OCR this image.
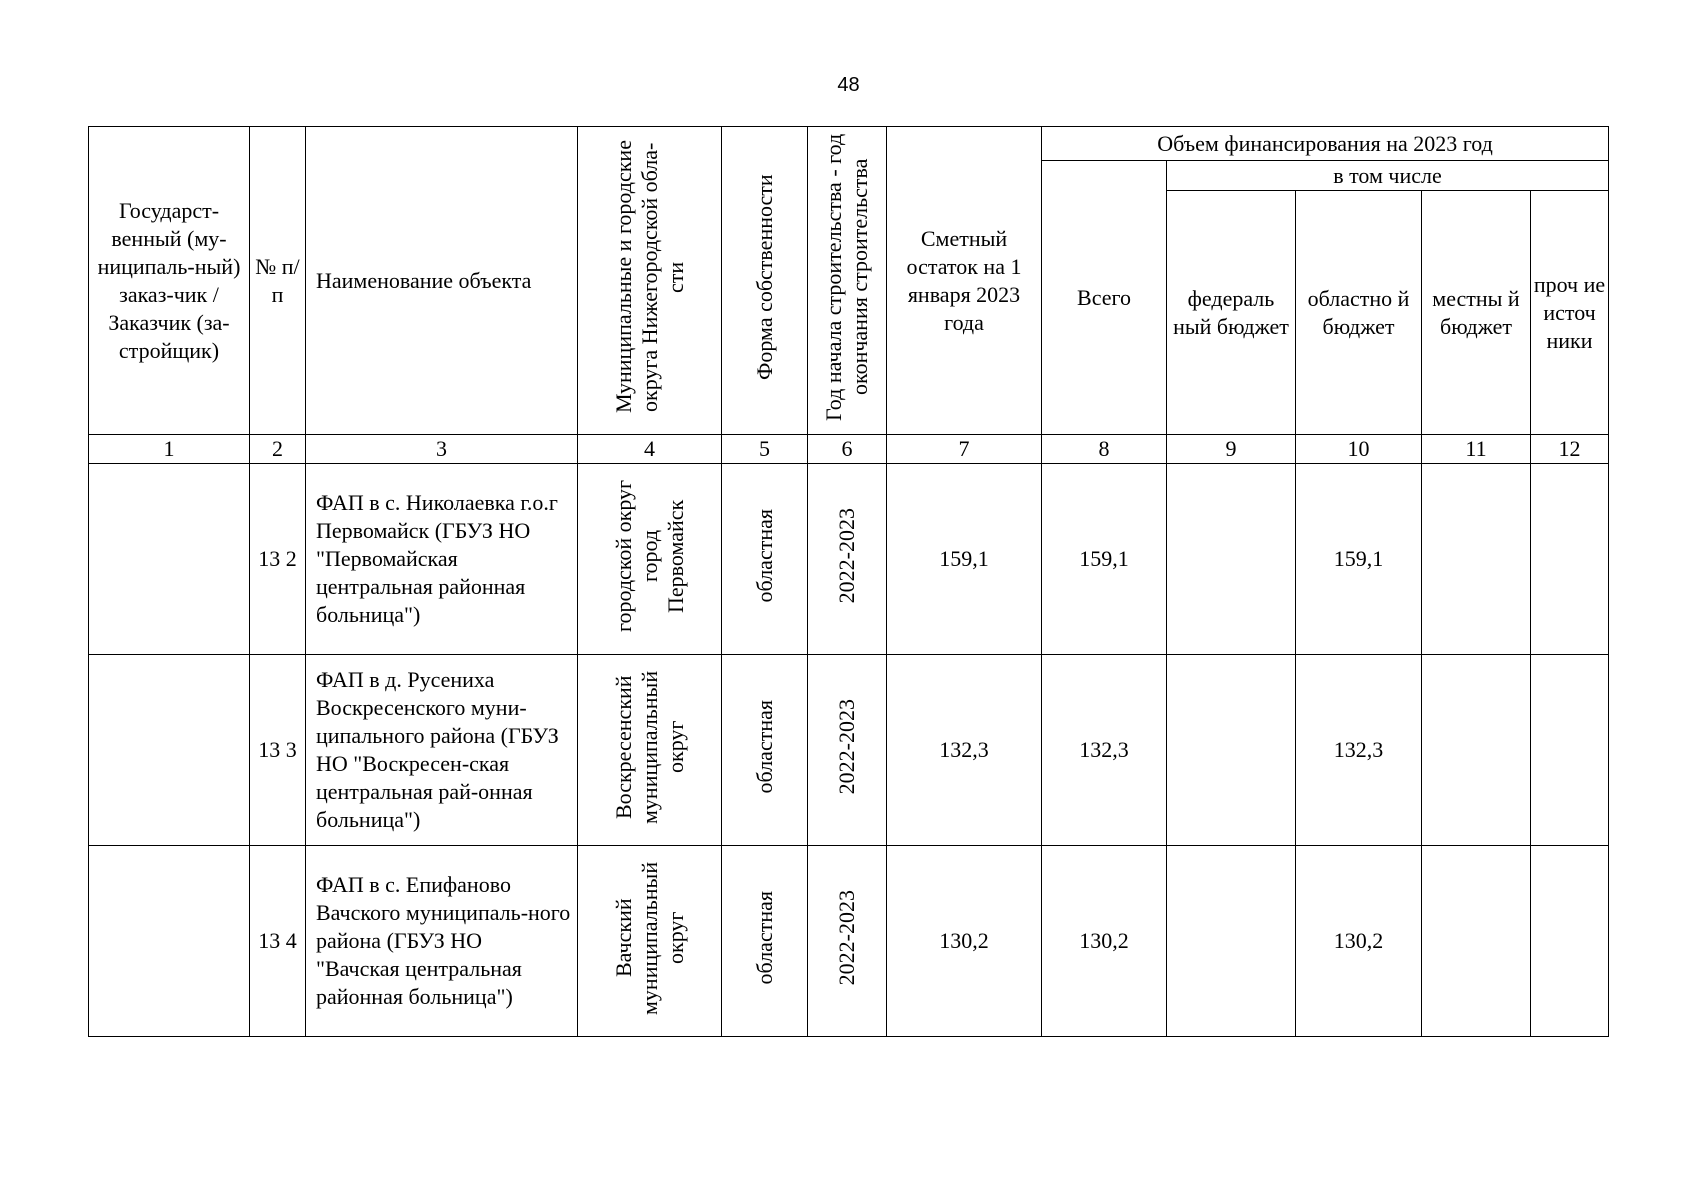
48
Государст-венный (му-ниципаль-ный) заказ-чик / Заказчик (за-стройщик)	№ п/п	Наименование объекта	Муниципальные и городские округа Нижегородской обла-сти	Форма собственности	Год начала строительства - год окончания строительства	Сметный остаток на 1 января 2023 года	Объем финансирования на 2023 год				
							Всего	в том числе			
								федераль ный бюджет	областно й бюджет	местны й бюджет	проч ие источ ники
1	2	3	4	5	6	7	8	9	10	11	12
	13 2	ФАП в с. Николаевка г.о.г Первомайск (ГБУЗ НО "Первомайская центральная районная больница")	городской округ город Первомайск	областная	2022-2023	159,1	159,1		159,1		
	13 3	ФАП в д. Русениха Воскресенского муни-ципального района (ГБУЗ НО "Воскресен-ская центральная рай-онная больница")	Воскресенский муниципальный округ	областная	2022-2023	132,3	132,3		132,3		
	13 4	ФАП в с. Епифаново Вачского муниципаль-ного района (ГБУЗ НО "Вачская центральная районная больница")	Вачский муниципальный округ	областная	2022-2023	130,2	130,2		130,2		
